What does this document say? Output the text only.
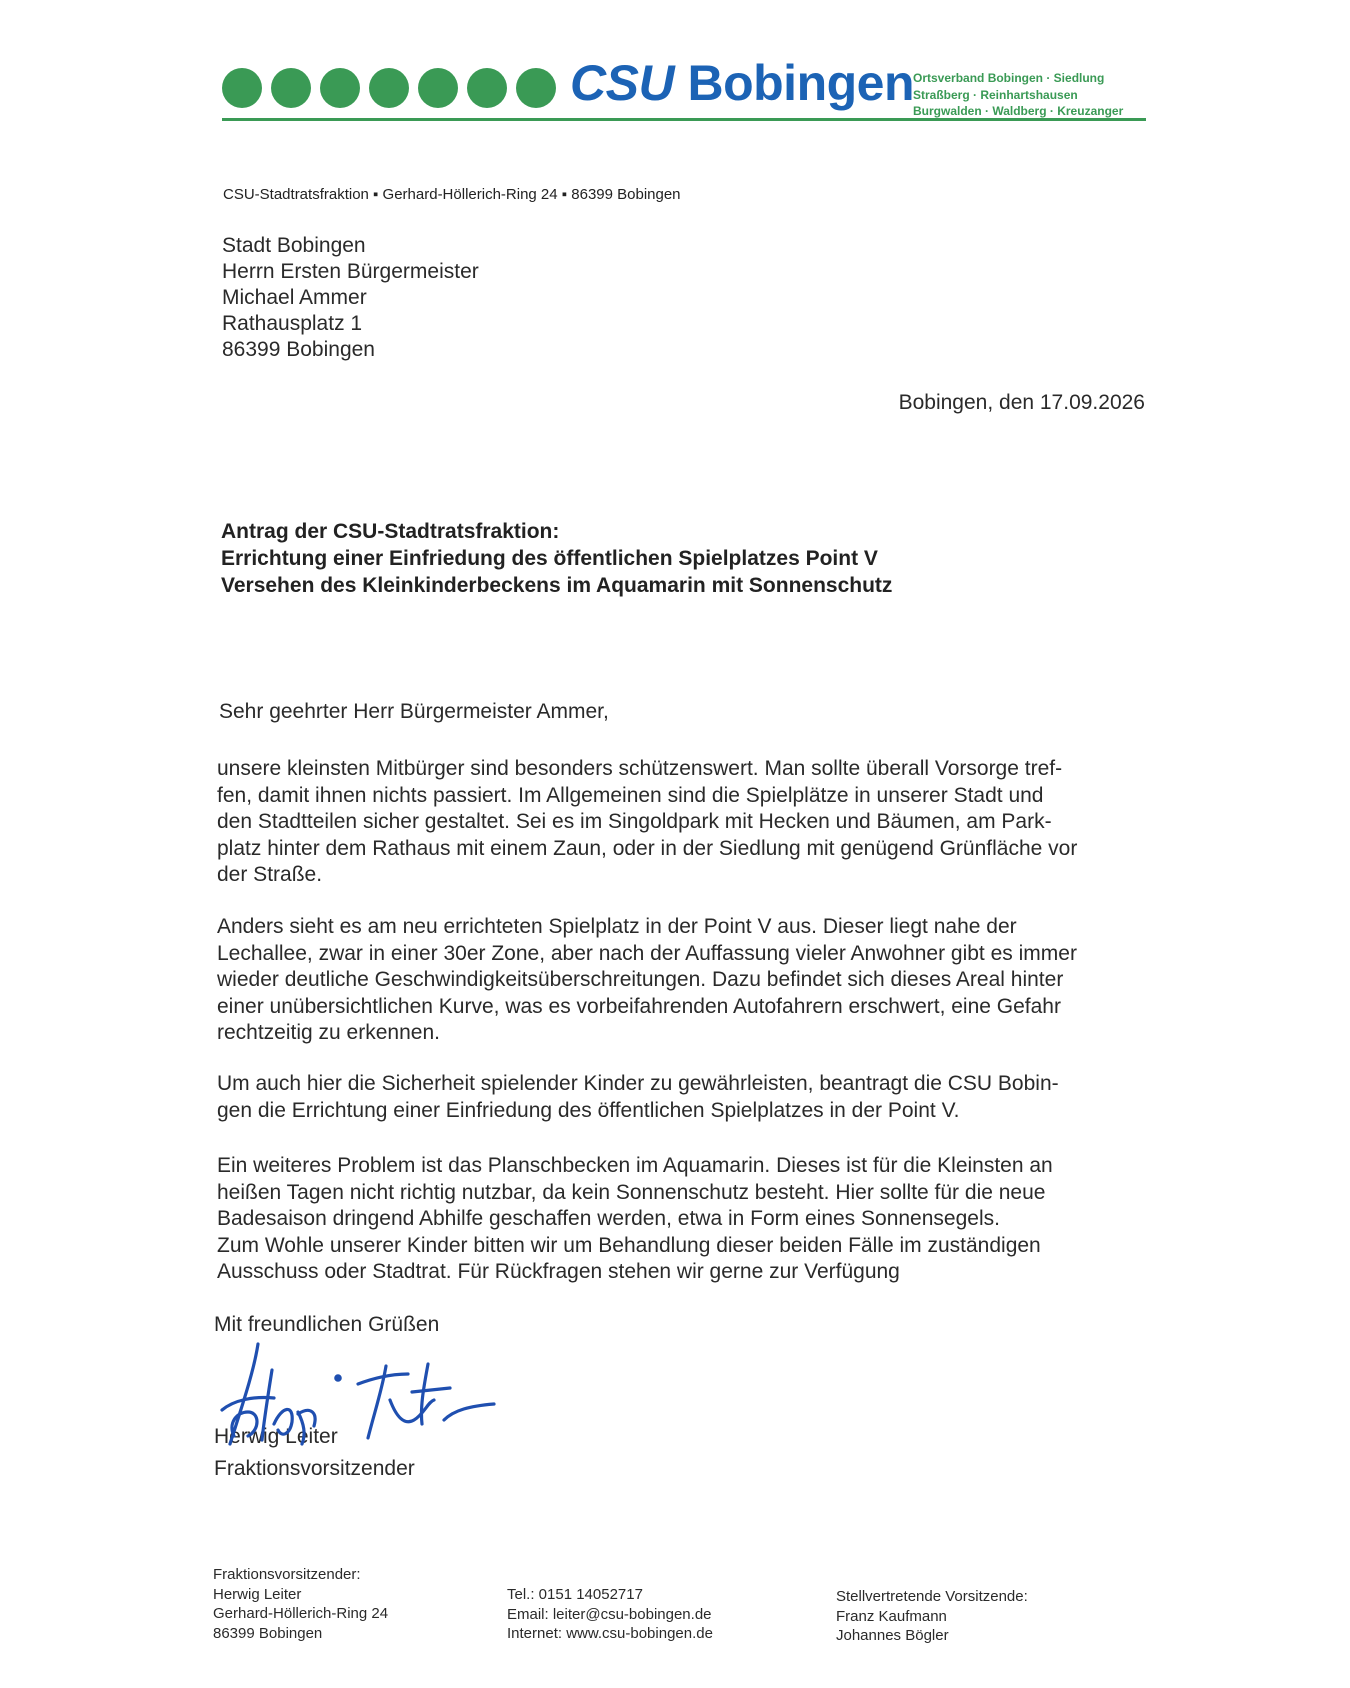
CSU Bobingen
Ortsverband Bobingen · Siedlung
Straßberg · Reinhartshausen
Burgwalden · Waldberg · Kreuzanger
CSU-Stadtratsfraktion ▪ Gerhard-Höllerich-Ring 24 ▪ 86399 Bobingen
Stadt Bobingen
Herrn Ersten Bürgermeister
Michael Ammer
Rathausplatz 1
86399 Bobingen
Bobingen, den 17.09.2026
Antrag der CSU-Stadtratsfraktion:
Errichtung einer Einfriedung des öffentlichen Spielplatzes Point V
Versehen des Kleinkinderbeckens im Aquamarin mit Sonnenschutz
Sehr geehrter Herr Bürgermeister Ammer,
unsere kleinsten Mitbürger sind besonders schützenswert. Man sollte überall Vorsorge tref-
fen, damit ihnen nichts passiert. Im Allgemeinen sind die Spielplätze in unserer Stadt und
den Stadtteilen sicher gestaltet. Sei es im Singoldpark mit Hecken und Bäumen, am Park-
platz hinter dem Rathaus mit einem Zaun, oder in der Siedlung mit genügend Grünfläche vor
der Straße.
Anders sieht es am neu errichteten Spielplatz in der Point V aus. Dieser liegt nahe der
Lechallee, zwar in einer 30er Zone, aber nach der Auffassung vieler Anwohner gibt es immer
wieder deutliche Geschwindigkeitsüberschreitungen. Dazu befindet sich dieses Areal hinter
einer unübersichtlichen Kurve, was es vorbeifahrenden Autofahrern erschwert, eine Gefahr
rechtzeitig zu erkennen.
Um auch hier die Sicherheit spielender Kinder zu gewährleisten, beantragt die CSU Bobin-
gen die Errichtung einer Einfriedung des öffentlichen Spielplatzes in der Point V.
Ein weiteres Problem ist das Planschbecken im Aquamarin. Dieses ist für die Kleinsten an
heißen Tagen nicht richtig nutzbar, da kein Sonnenschutz besteht. Hier sollte für die neue
Badesaison dringend Abhilfe geschaffen werden, etwa in Form eines Sonnensegels.
Zum Wohle unserer Kinder bitten wir um Behandlung dieser beiden Fälle im zuständigen
Ausschuss oder Stadtrat. Für Rückfragen stehen wir gerne zur Verfügung
Mit freundlichen Grüßen
Herwig Leiter
Fraktionsvorsitzender
Fraktionsvorsitzender:
Herwig Leiter
Gerhard-Höllerich-Ring 24
86399 Bobingen
Tel.: 0151 14052717
Email: leiter@csu-bobingen.de
Internet: www.csu-bobingen.de
Stellvertretende Vorsitzende:
Franz Kaufmann
Johannes Bögler
